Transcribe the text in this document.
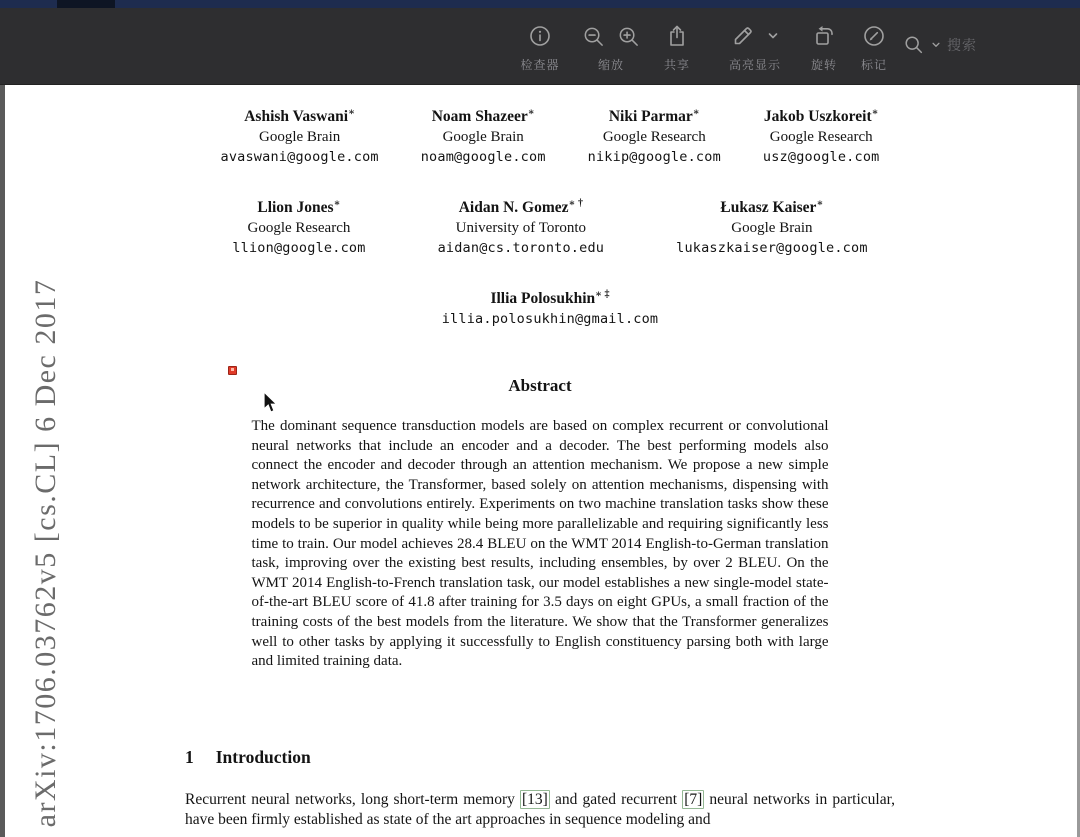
检查器	缩放	共享	高亮显示	旋转	标记
搜索
arXiv:1706.03762v5 [cs.CL] 6 Dec 2017
Ashish Vaswani∗
Google Brain
avaswani@google.com
Noam Shazeer∗
Google Brain
noam@google.com
Niki Parmar∗
Google Research
nikip@google.com
Jakob Uszkoreit∗
Google Research
usz@google.com
Llion Jones∗
Google Research
llion@google.com
Aidan N. Gomez∗ †
University of Toronto
aidan@cs.toronto.edu
Łukasz Kaiser∗
Google Brain
lukaszkaiser@google.com
Illia Polosukhin∗ ‡
illia.polosukhin@gmail.com
Abstract

The dominant sequence transduction models are based on complex recurrent or convolutional neural networks that include an encoder and a decoder. The best performing models also connect the encoder and decoder through an attention mechanism. We propose a new simple network architecture, the Transformer, based solely on attention mechanisms, dispensing with recurrence and convolutions entirely. Experiments on two machine translation tasks show these models to be superior in quality while being more parallelizable and requiring significantly less time to train. Our model achieves 28.4 BLEU on the WMT 2014 English-to-German translation task, improving over the existing best results, including ensembles, by over 2 BLEU. On the WMT 2014 English-to-French translation task, our model establishes a new single-model state-of-the-art BLEU score of 41.8 after training for 3.5 days on eight GPUs, a small fraction of the training costs of the best models from the literature. We show that the Transformer generalizes well to other tasks by applying it successfully to English constituency parsing both with large and limited training data.

1 Introduction

Recurrent neural networks, long short-term memory [13] and gated recurrent [7] neural networks in particular, have been firmly established as state of the art approaches in sequence modeling and
